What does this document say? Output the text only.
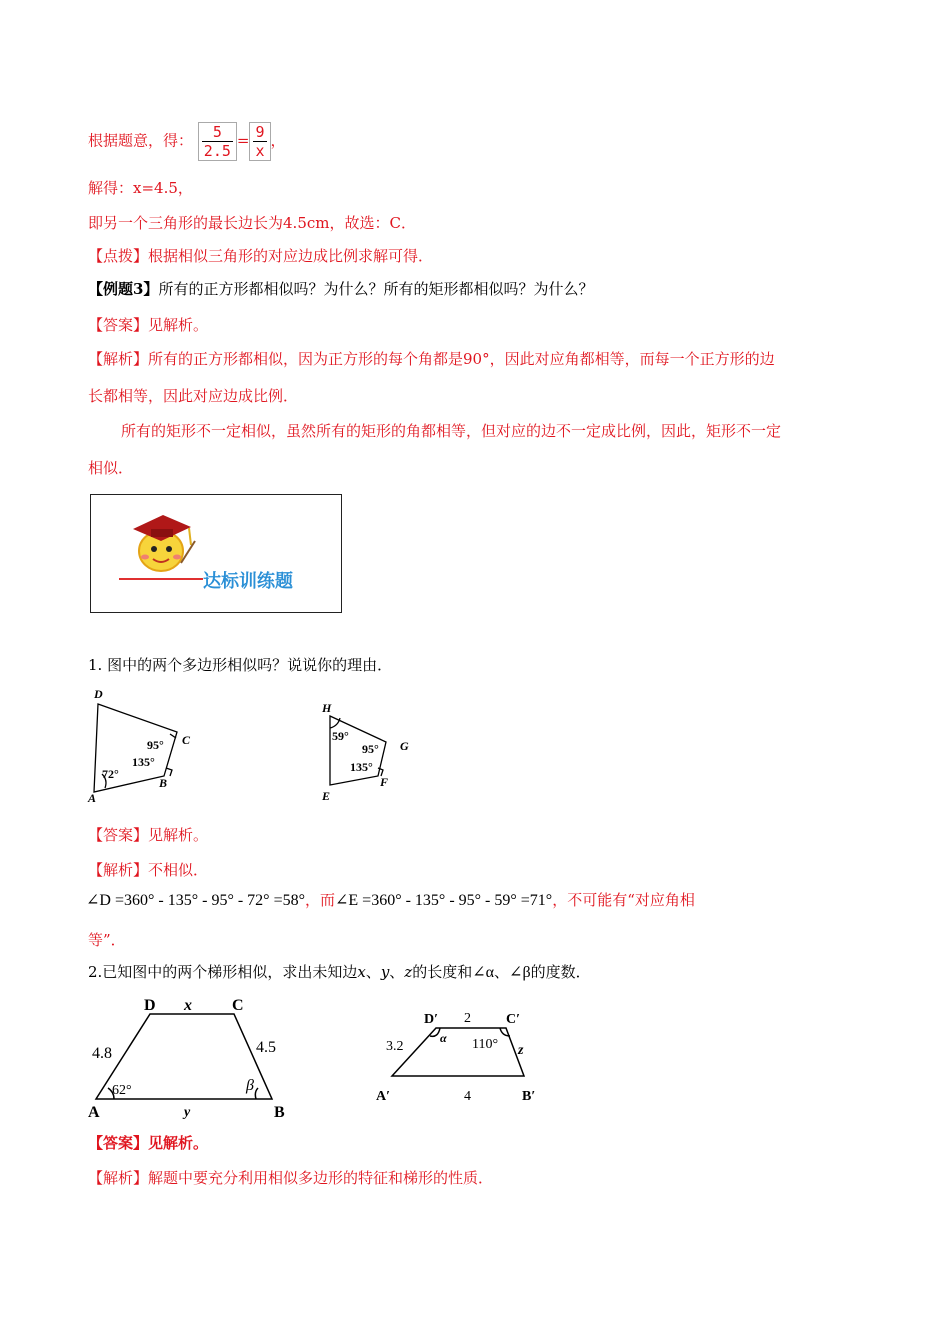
根据题意，得： $\frac{5}{2.5} = \frac{9}{x}$ ，
解得：x=4.5，
即另一个三角形的最长边长为4.5cm，故选：C．
【点拨】根据相似三角形的对应边成比例求解可得．
【例题3】所有的正方形都相似吗？为什么？所有的矩形都相似吗？为什么？
【答案】见解析。
【解析】所有的正方形都相似，因为正方形的每个角都是90°，因此对应角都相等，而每一个正方形的边
长都相等，因此对应边成比例．
所有的矩形不一定相似，虽然所有的矩形的角都相等，但对应的边不一定成比例，因此，矩形不一定
相似．
达标训练题
1. 图中的两个多边形相似吗？说说你的理由．
D
C
A
B
95°
135°
72°
H
G
E
F
59°
95°
135°
【答案】见解析。
【解析】不相似．
∠D =360° - 135° - 95° - 72° =58°，而∠E =360° - 135° - 95° - 59° =71°，不可能有“对应角相
等”．
2.已知图中的两个梯形相似，求出未知边x、y、z的长度和∠α、∠β的度数．
D	C
A	B
x
y
4.8	4.5
62°	β
D′	C′
A′	B′
2
3.2
4
z
α 110°
【答案】见解析。
【解析】解题中要充分利用相似多边形的特征和梯形的性质．
